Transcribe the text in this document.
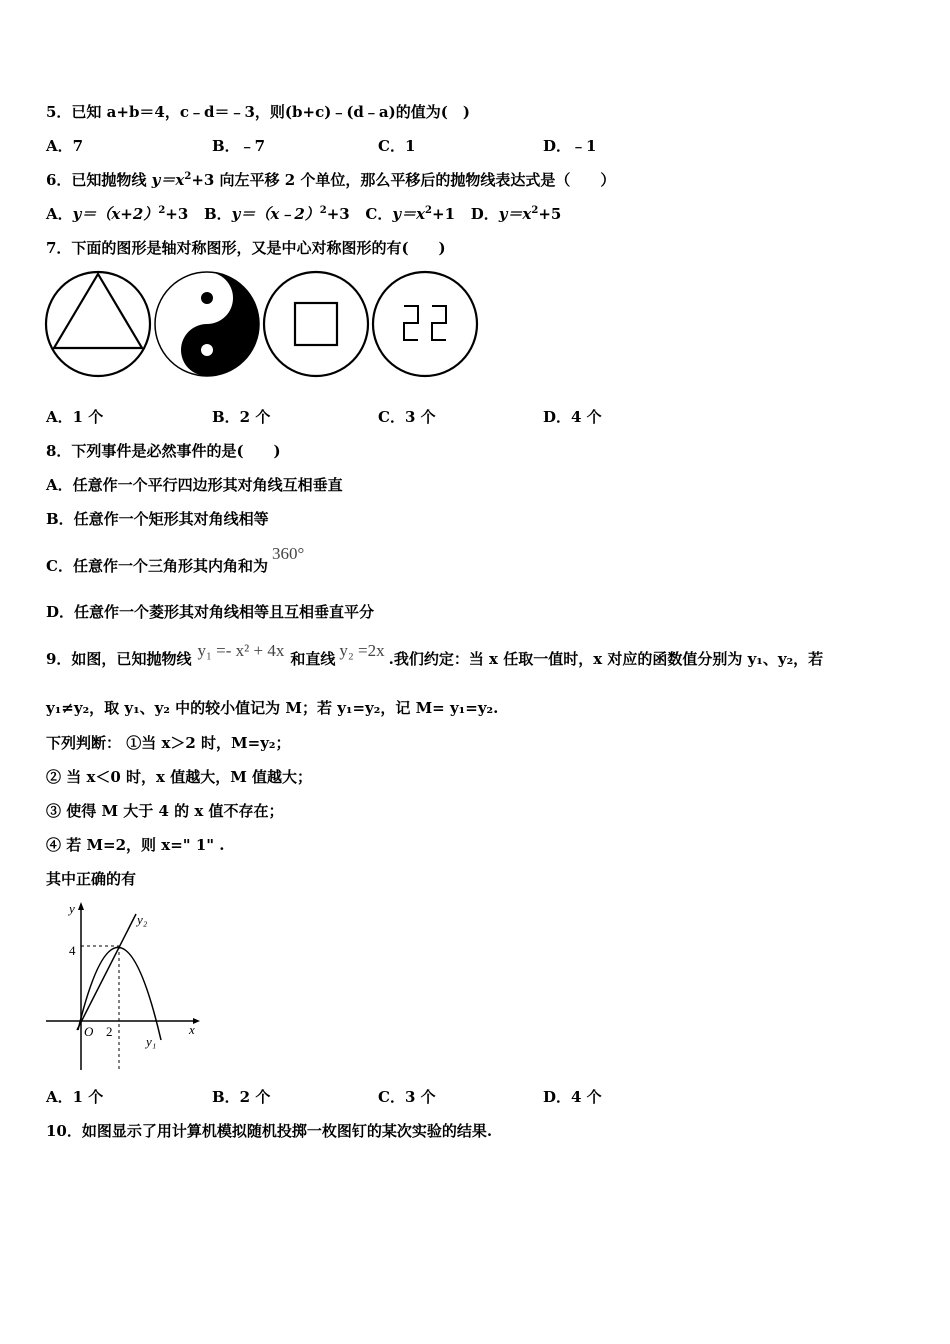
5．已知 a+b＝4，c﹣d＝﹣3，则(b+c)﹣(d﹣a)的值为(　)
A．7	B．﹣7	C．1	D．﹣1
6．已知抛物线 $y=x^2+3$ 向左平移 2 个单位，那么平移后的抛物线表达式是（　　）
A．$y=(x+2)^2+3$ B．y＝（x﹣2）$^2$+3 C．$y=x^2+1$ D．$y=x^2+5$
7．下面的图形是轴对称图形，又是中心对称图形的有(　　)
A．1 个	B．2 个	C．3 个	D．4 个
8．下列事件是必然事件的是(　　)
A．任意作一个平行四边形其对角线互相垂直
B．任意作一个矩形其对角线相等
C．任意作一个三角形其内角和为360°
D．任意作一个菱形其对角线相等且互相垂直平分
9．如图，已知抛物线 y₁ =- x² + 4x 和直线 y₂ =2x .我们约定：当 x 任取一值时，x 对应的函数值分别为 y₁、y₂，若
y₁≠y₂，取 y₁、y₂ 中的较小值记为 M；若 y₁=y₂，记 M= y₁=y₂.
下列判断： ①当 x＞2 时，M=y₂；
② 当 x＜0 时，x 值越大，M 值越大；
③ 使得 M 大于 4 的 x 值不存在；
④ 若 M=2，则 x=" 1" .
其中正确的有
y
x
O 2
4
y₂
y₁
A．1 个	B．2 个	C．3 个	D．4 个
10．如图显示了用计算机模拟随机投掷一枚图钉的某次实验的结果.
